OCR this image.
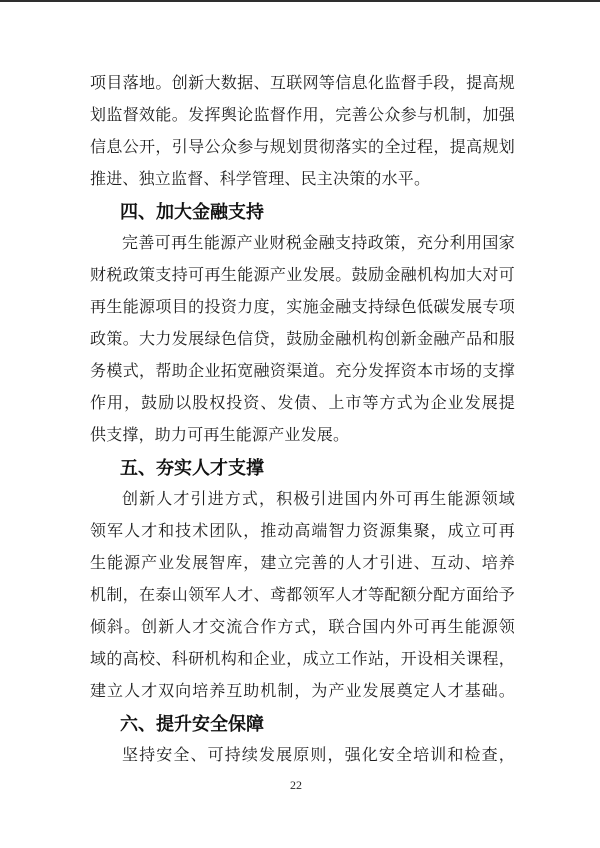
项目落地。创新大数据、互联网等信息化监督手段，提高规
划监督效能。发挥舆论监督作用，完善公众参与机制，加强
信息公开，引导公众参与规划贯彻落实的全过程，提高规划
推进、独立监督、科学管理、民主决策的水平。
四、加大金融支持
完善可再生能源产业财税金融支持政策，充分利用国家
财税政策支持可再生能源产业发展。鼓励金融机构加大对可
再生能源项目的投资力度，实施金融支持绿色低碳发展专项
政策。大力发展绿色信贷，鼓励金融机构创新金融产品和服
务模式，帮助企业拓宽融资渠道。充分发挥资本市场的支撑
作用，鼓励以股权投资、发债、上市等方式为企业发展提
供支撑，助力可再生能源产业发展。
五、夯实人才支撑
创新人才引进方式，积极引进国内外可再生能源领域
领军人才和技术团队，推动高端智力资源集聚，成立可再
生能源产业发展智库，建立完善的人才引进、互动、培养
机制，在泰山领军人才、鸢都领军人才等配额分配方面给予
倾斜。创新人才交流合作方式，联合国内外可再生能源领
域的高校、科研机构和企业，成立工作站，开设相关课程，
建立人才双向培养互助机制，为产业发展奠定人才基础。
六、提升安全保障
坚持安全、可持续发展原则，强化安全培训和检查，
22
